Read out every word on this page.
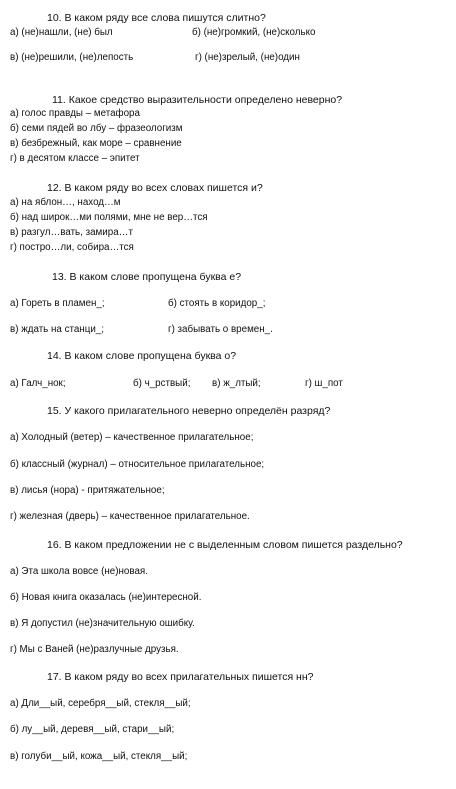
10. В каком ряду все слова пишутся слитно?
а) (не)нашли, (не) был	б) (не)громкий, (не)сколько
в) (не)решили, (не)лепость	г) (не)зрелый, (не)один
11. Какое средство выразительности определено неверно?
а) голос правды – метафора
б) семи пядей во лбу – фразеологизм
в) безбрежный, как море – сравнение
г) в десятом классе – эпитет
12. В каком ряду во всех словах пишется и?
а) на яблон…, наход…м
б) над широк…ми полями, мне не вер…тся
в) разгул…вать, замира…т
г) постро…ли, собира…тся
13. В каком слове пропущена буква е?
а) Гореть в пламен_;	б) стоять в коридор_;
в) ждать на станци_;	г) забывать о времен_.
14. В каком слове пропущена буква о?
а) Галч_нок;	б) ч_рствый; в) ж_лтый;	г) ш_пот
15. У какого прилагательного неверно определён разряд?
а) Холодный (ветер) – качественное прилагательное;
б) классный (журнал) – относительное прилагательное;
в) лисья (нора) - притяжательное;
г) железная (дверь) – качественное прилагательное.
16. В каком предложении не с выделенным словом пишется раздельно?
а) Эта школа вовсе (не)новая.
б) Новая книга оказалась (не)интересной.
в) Я допустил (не)значительную ошибку.
г) Мы с Ваней (не)разлучные друзья.
17. В каком ряду во всех прилагательных пишется нн?
а) Дли__ый, серебря__ый, стекля__ый;
б) лу__ый, деревя__ый, стари__ый;
в) голуби__ый, кожа__ый, стекля__ый;
